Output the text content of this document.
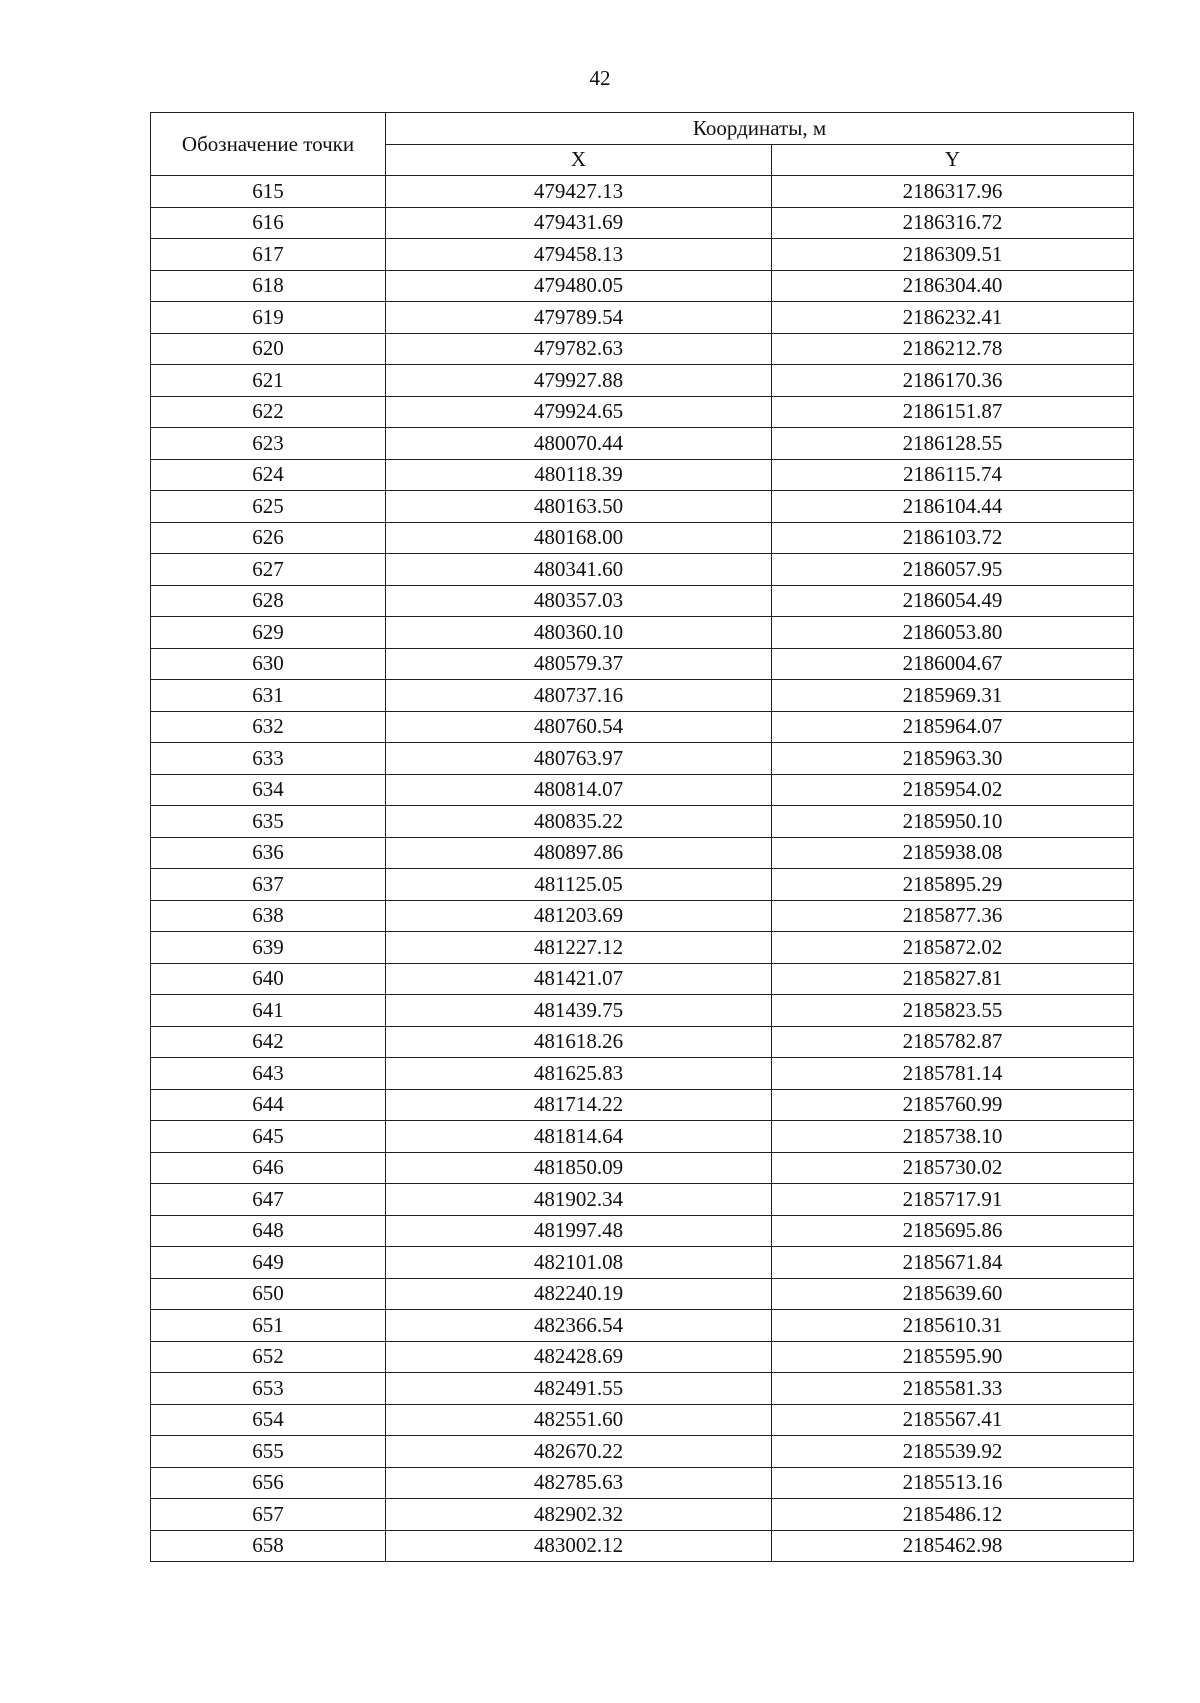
42
Обозначение точки	Координаты, м	
	X	Y
615	479427.13	2186317.96
616	479431.69	2186316.72
617	479458.13	2186309.51
618	479480.05	2186304.40
619	479789.54	2186232.41
620	479782.63	2186212.78
621	479927.88	2186170.36
622	479924.65	2186151.87
623	480070.44	2186128.55
624	480118.39	2186115.74
625	480163.50	2186104.44
626	480168.00	2186103.72
627	480341.60	2186057.95
628	480357.03	2186054.49
629	480360.10	2186053.80
630	480579.37	2186004.67
631	480737.16	2185969.31
632	480760.54	2185964.07
633	480763.97	2185963.30
634	480814.07	2185954.02
635	480835.22	2185950.10
636	480897.86	2185938.08
637	481125.05	2185895.29
638	481203.69	2185877.36
639	481227.12	2185872.02
640	481421.07	2185827.81
641	481439.75	2185823.55
642	481618.26	2185782.87
643	481625.83	2185781.14
644	481714.22	2185760.99
645	481814.64	2185738.10
646	481850.09	2185730.02
647	481902.34	2185717.91
648	481997.48	2185695.86
649	482101.08	2185671.84
650	482240.19	2185639.60
651	482366.54	2185610.31
652	482428.69	2185595.90
653	482491.55	2185581.33
654	482551.60	2185567.41
655	482670.22	2185539.92
656	482785.63	2185513.16
657	482902.32	2185486.12
658	483002.12	2185462.98
